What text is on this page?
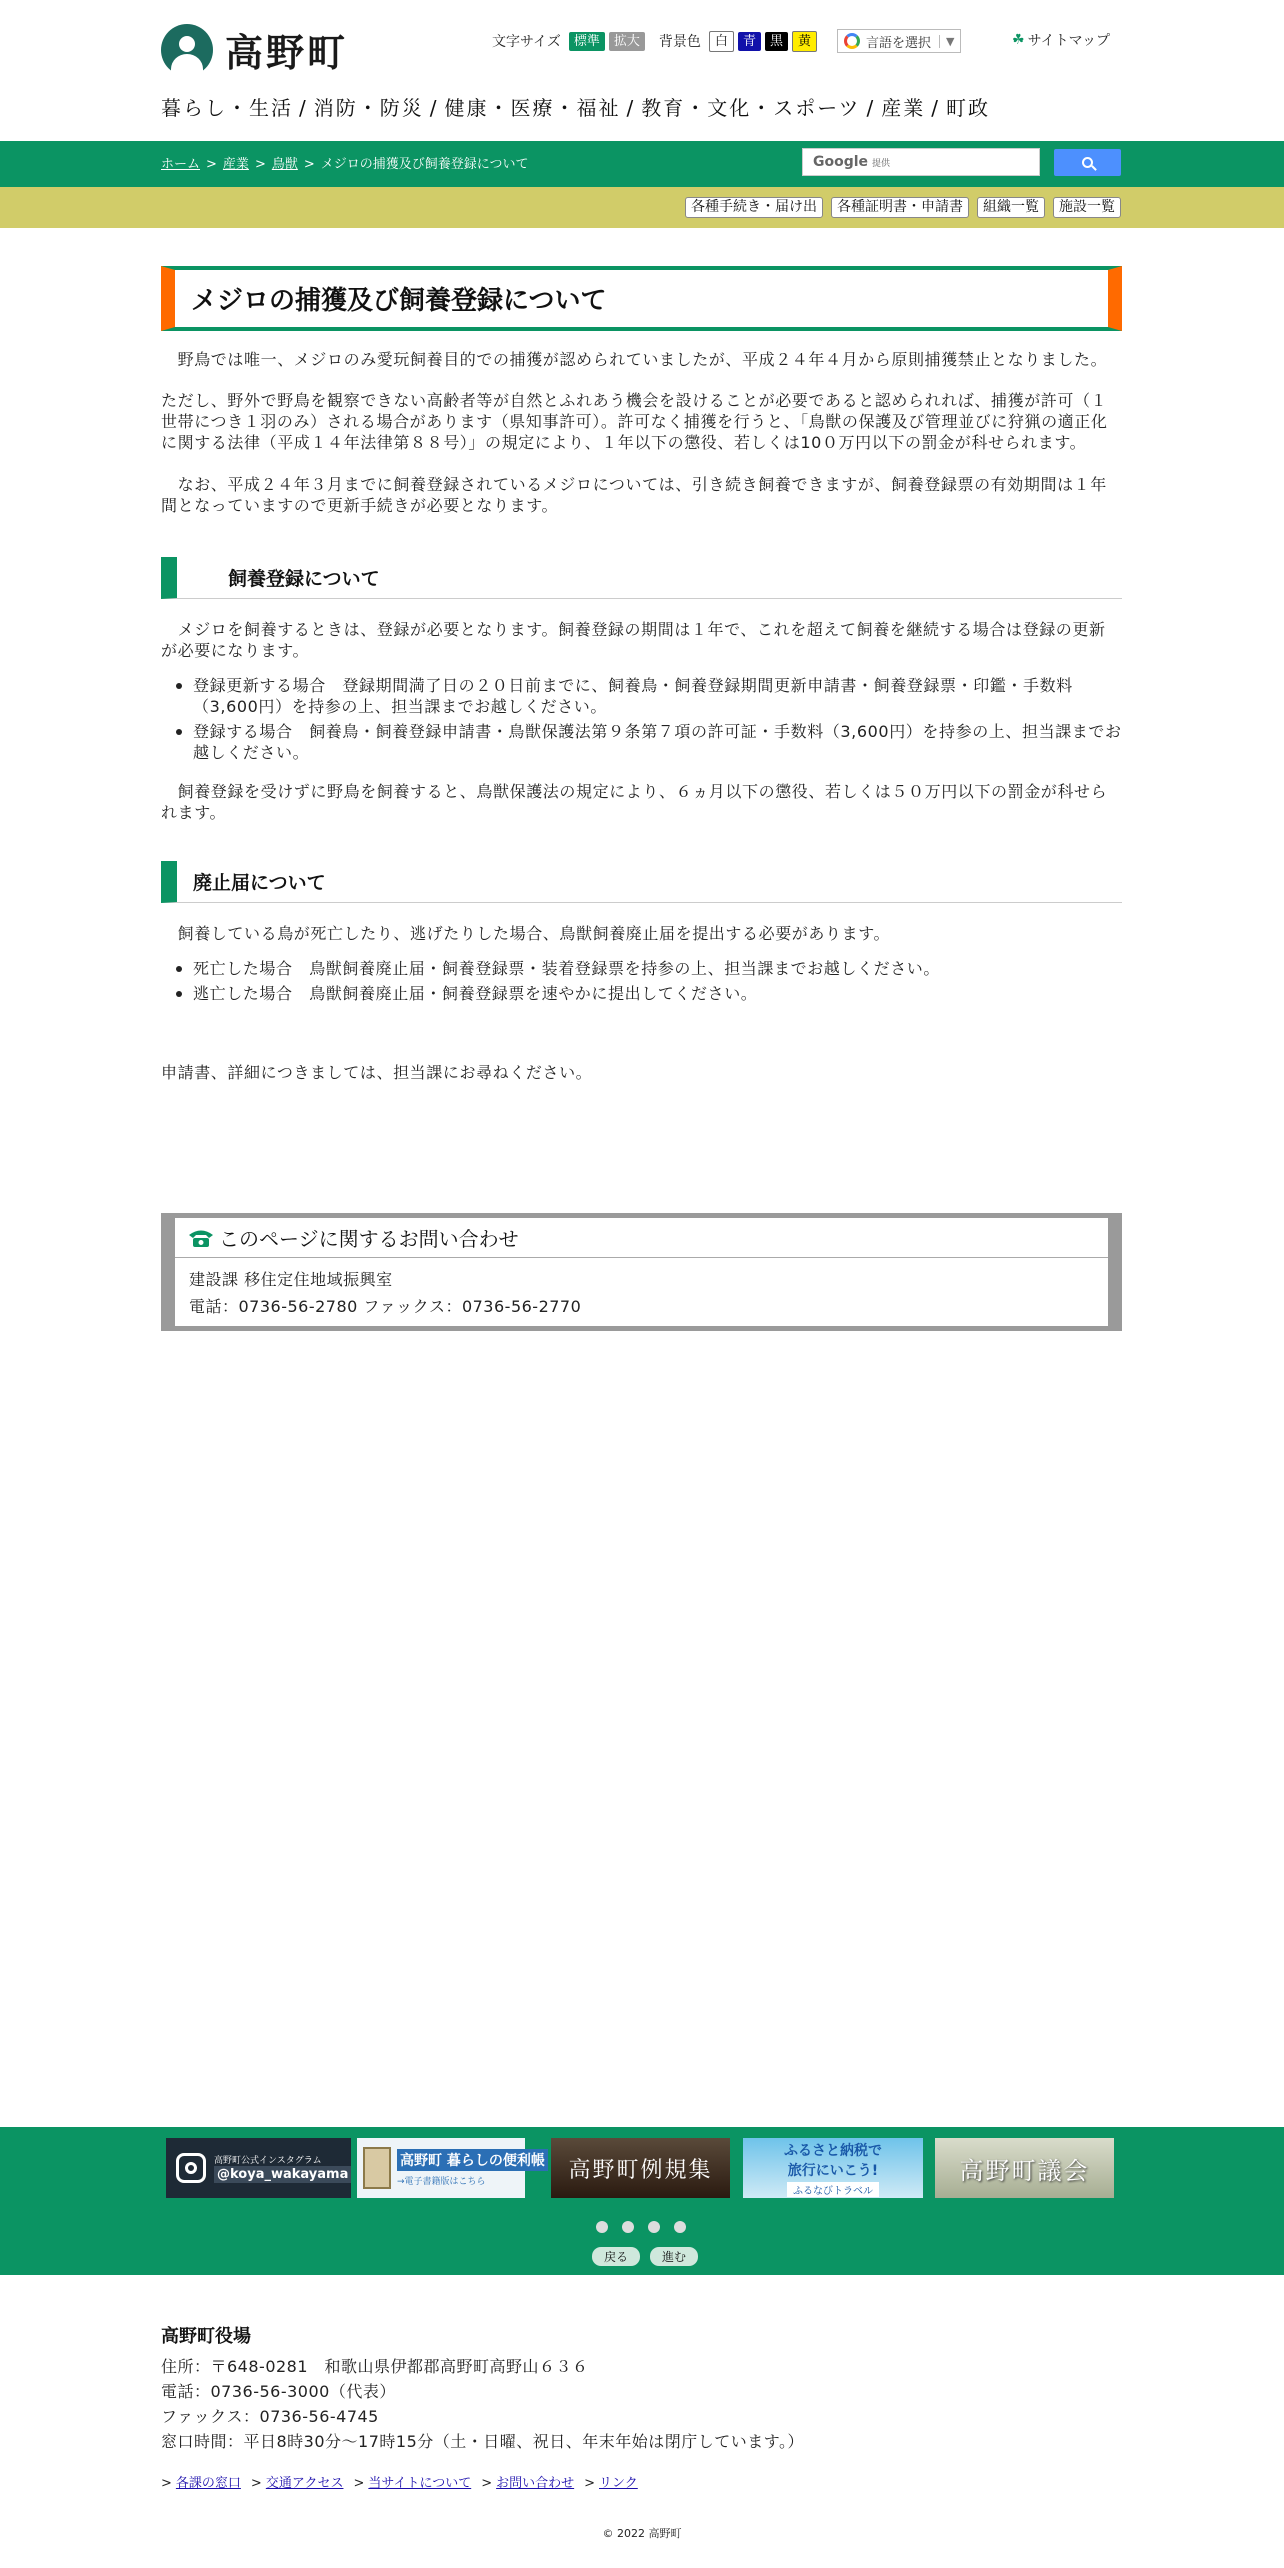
高野町	文字サイズ	標準	拡大	背景色	白	青	黒	黄	言語を選択	▼	☘ サイトマップ
暮らし・生活 / 消防・防災 / 健康・医療・福祉 / 教育・文化・スポーツ / 産業 / 町政
ホーム > 産業 > 鳥獣 > メジロの捕獲及び飼養登録について	Google 提供
各種手続き・届け出	各種証明書・申請書	組織一覧	施設一覧
メジロの捕獲及び飼養登録について

　野鳥では唯一、メジロのみ愛玩飼養目的での捕獲が認められていましたが、平成２４年４月から原則捕獲禁止となりました。

ただし、野外で野鳥を観察できない高齢者等が自然とふれあう機会を設けることが必要であると認められれば、捕獲が許可（１世帯につき１羽のみ）される場合があります（県知事許可）。許可なく捕獲を行うと、「鳥獣の保護及び管理並びに狩猟の適正化に関する法律（平成１４年法律第８８号）」の規定により、１年以下の懲役、若しくは10０万円以下の罰金が科せられます。

　なお、平成２４年３月までに飼養登録されているメジロについては、引き続き飼養できますが、飼養登録票の有効期間は１年間となっていますので更新手続きが必要となります。

　飼養登録について

　メジロを飼養するときは、登録が必要となります。飼養登録の期間は１年で、これを超えて飼養を継続する場合は登録の更新が必要になります。

登録更新する場合　登録期間満了日の２０日前までに、飼養鳥・飼養登録期間更新申請書・飼養登録票・印鑑・手数料（3,600円）を持参の上、担当課までお越しください。
登録する場合　飼養鳥・飼養登録申請書・鳥獣保護法第９条第７項の許可証・手数料（3,600円）を持参の上、担当課までお越しください。

　飼養登録を受けずに野鳥を飼養すると、鳥獣保護法の規定により、６ヵ月以下の懲役、若しくは５０万円以下の罰金が科せられます。

廃止届について

　飼養している鳥が死亡したり、逃げたりした場合、鳥獣飼養廃止届を提出する必要があります。

死亡した場合　鳥獣飼養廃止届・飼養登録票・装着登録票を持参の上、担当課までお越しください。
逃亡した場合　鳥獣飼養廃止届・飼養登録票を速やかに提出してください。

申請書、詳細につきましては、担当課にお尋ねください。

このページに関するお問い合わせ
建設課 移住定住地域振興室
電話：0736-56-2780 ファックス：0736-56-2770
高野町公式インスタグラム
@koya_wakayama
高野町 暮らしの便利帳
→電子書籍版はこちら	高野町例規集
ふるさと納税で
旅行にいこう!
ふるなびトラベル
高野町議会
戻る	進む
高野町役場
住所：〒648-0281　和歌山県伊都郡高野町高野山６３６
電話：0736-56-3000（代表）
ファックス：0736-56-4745
窓口時間：平日8時30分～17時15分（土・日曜、祝日、年末年始は閉庁しています。）
> 各課の窓口 > 交通アクセス > 当サイトについて > お問い合わせ > リンク
© 2022 高野町
